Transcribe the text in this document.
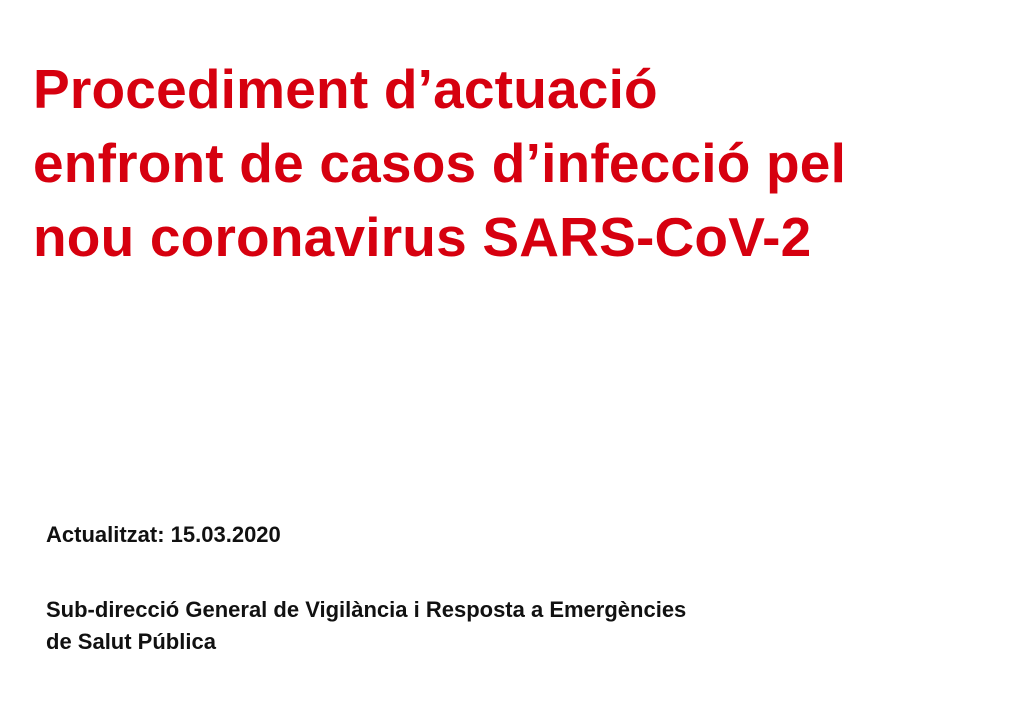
Procediment d’actuació
enfront de casos d’infecció pel
nou coronavirus SARS-CoV-2

Actualitzat: 15.03.2020

Sub-direcció General de Vigilància i Resposta a Emergències
de Salut Pública
